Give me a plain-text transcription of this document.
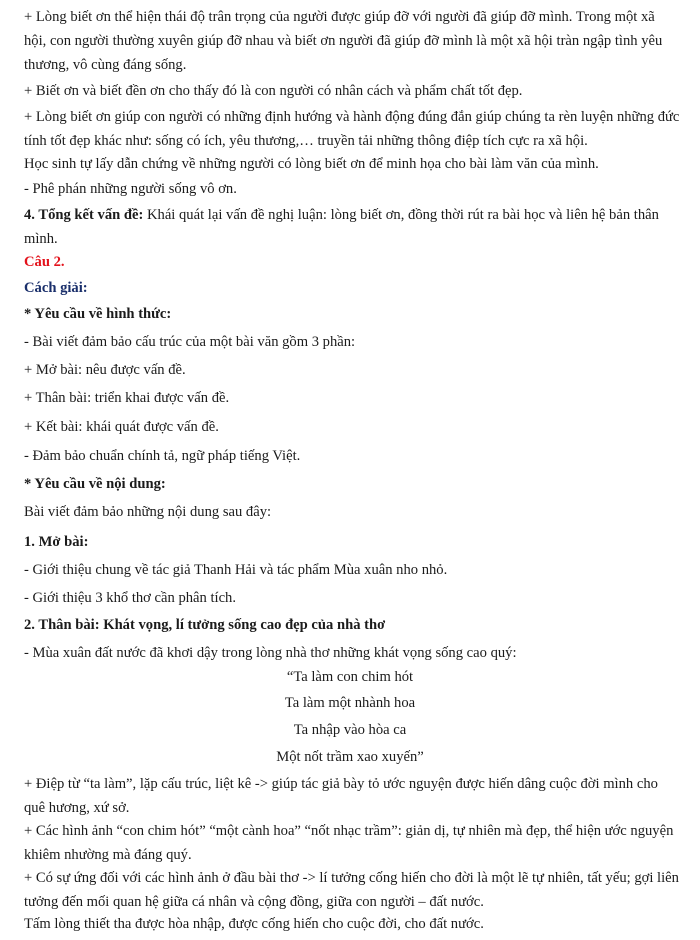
+ Lòng biết ơn thể hiện thái độ trân trọng của người được giúp đỡ với người đã giúp đỡ mình. Trong một xã hội, con người thường xuyên giúp đỡ nhau và biết ơn người đã giúp đỡ mình là một xã hội tràn ngập tình yêu thương, vô cùng đáng sống.

+ Biết ơn và biết đền ơn cho thấy đó là con người có nhân cách và phẩm chất tốt đẹp.

+ Lòng biết ơn giúp con người có những định hướng và hành động đúng đắn giúp chúng ta rèn luyện những đức tính tốt đẹp khác như: sống có ích, yêu thương,… truyền tải những thông điệp tích cực ra xã hội.

Học sinh tự lấy dẫn chứng về những người có lòng biết ơn để minh họa cho bài làm văn của mình.

- Phê phán những người sống vô ơn.

4. Tổng kết vấn đề: Khái quát lại vấn đề nghị luận: lòng biết ơn, đồng thời rút ra bài học và liên hệ bản thân mình.

Câu 2.

Cách giải:

* Yêu cầu về hình thức:

- Bài viết đảm bảo cấu trúc của một bài văn gồm 3 phần:

+ Mở bài: nêu được vấn đề.

+ Thân bài: triển khai được vấn đề.

+ Kết bài: khái quát được vấn đề.

- Đảm bảo chuẩn chính tả, ngữ pháp tiếng Việt.

* Yêu cầu về nội dung:

Bài viết đảm bảo những nội dung sau đây:

1. Mở bài:

- Giới thiệu chung về tác giả Thanh Hải và tác phẩm Mùa xuân nho nhỏ.

- Giới thiệu 3 khổ thơ cần phân tích.

2. Thân bài: Khát vọng, lí tưởng sống cao đẹp của nhà thơ

- Mùa xuân đất nước đã khơi dậy trong lòng nhà thơ những khát vọng sống cao quý:

“Ta làm con chim hót

Ta làm một nhành hoa

Ta nhập vào hòa ca

Một nốt trầm xao xuyến”

+ Điệp từ “ta làm”, lặp cấu trúc, liệt kê -> giúp tác giả bày tỏ ước nguyện được hiến dâng cuộc đời mình cho quê hương, xứ sở.

+ Các hình ảnh “con chim hót” “một cành hoa” “nốt nhạc trầm”: giản dị, tự nhiên mà đẹp, thể hiện ước nguyện khiêm nhường mà đáng quý.

+ Có sự ứng đối với các hình ảnh ở đầu bài thơ -> lí tưởng cống hiến cho đời là một lẽ tự nhiên, tất yếu; gợi liên tưởng đến mối quan hệ giữa cá nhân và cộng đồng, giữa con người – đất nước.

Tấm lòng thiết tha được hòa nhập, được cống hiến cho cuộc đời, cho đất nước.
